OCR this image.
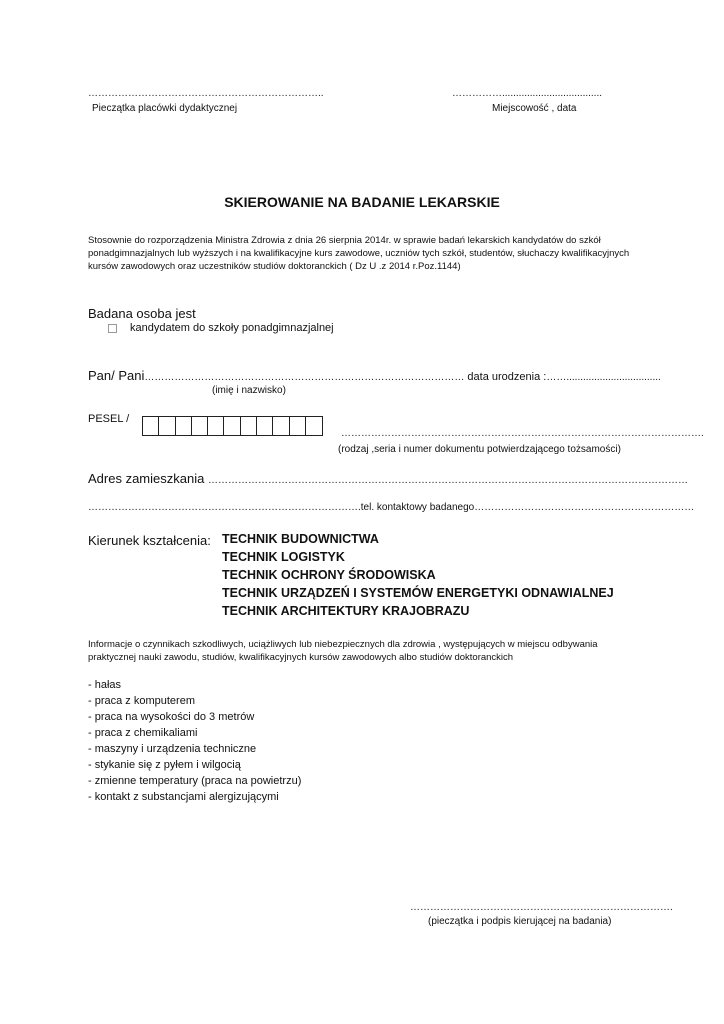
……………………………………………………………..
Pieczątka placówki dydaktycznej
……………....................................
Miejscowość , data
SKIEROWANIE NA BADANIE LEKARSKIE
Stosownie do rozporządzenia Ministra Zdrowia z dnia 26 sierpnia 2014r. w sprawie badań lekarskich kandydatów do szkół ponadgimnazjalnych lub wyższych i na kwalifikacyjne kurs zawodowe, uczniów tych szkół, studentów, słuchaczy kwalifikacyjnych kursów zawodowych oraz uczestników studiów doktoranckich ( Dz U .z 2014 r.Poz.1144)
Badana osoba jest
kandydatem do szkoły ponadgimnazjalnej
Pan/ Pani…………………………………………………………………………………… data urodzenia :……..................................
(imię i nazwisko)
PESEL /
……………………………………………………………………………………………….
(rodzaj ,seria i numer dokumentu potwierdzającego tożsamości)
Adres zamieszkania ………………………………………………………………………………………………………………………………
……………………………………………………………………….tel. kontaktowy badanego…………………………………………………………
Kierunek kształcenia: TECHNIK BUDOWNICTWA
TECHNIK LOGISTYK
TECHNIK OCHRONY ŚRODOWISKA
TECHNIK URZĄDZEŃ I SYSTEMÓW ENERGETYKI ODNAWIALNEJ
TECHNIK ARCHITEKTURY KRAJOBRAZU
Informacje o czynnikach szkodliwych, uciążliwych lub niebezpiecznych dla zdrowia , występujących w miejscu odbywania praktycznej nauki zawodu, studiów, kwalifikacyjnych kursów zawodowych albo studiów doktoranckich
- hałas
- praca z komputerem
- praca na wysokości do 3 metrów
- praca z chemikaliami
- maszyny i urządzenia techniczne
- stykanie się z pyłem i wilgocią
- zmienne temperatury (praca na powietrzu)
- kontakt z substancjami alergizującymi
…………………………………………………………………….
(pieczątka i podpis kierującej na badania)
